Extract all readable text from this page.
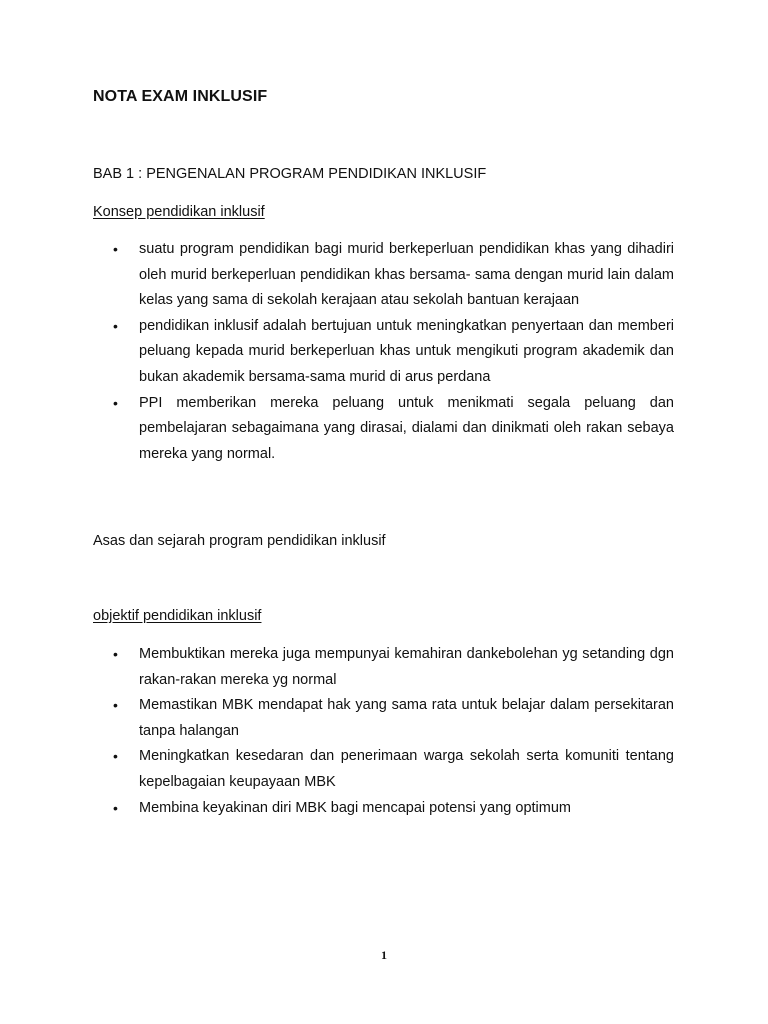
NOTA EXAM INKLUSIF
BAB 1 : PENGENALAN PROGRAM PENDIDIKAN INKLUSIF
Konsep pendidikan inklusif
• suatu program pendidikan bagi murid berkeperluan pendidikan khas yang dihadiri oleh murid berkeperluan pendidikan khas bersama- sama dengan murid lain dalam kelas yang sama di sekolah kerajaan atau sekolah bantuan kerajaan
• pendidikan inklusif adalah bertujuan untuk meningkatkan penyertaan dan memberi peluang kepada murid berkeperluan khas untuk mengikuti program akademik dan bukan akademik bersama-sama murid di arus perdana
• PPI memberikan mereka peluang untuk menikmati segala peluang dan pembelajaran sebagaimana yang dirasai, dialami dan dinikmati oleh rakan sebaya mereka yang normal.
Asas dan sejarah program pendidikan inklusif
objektif pendidikan inklusif
• Membuktikan mereka juga mempunyai kemahiran dankebolehan yg setanding dgn rakan-rakan mereka yg normal
• Memastikan MBK mendapat hak yang sama rata untuk belajar dalam persekitaran tanpa halangan
• Meningkatkan kesedaran dan penerimaan warga sekolah serta komuniti tentang kepelbagaian keupayaan MBK
• Membina keyakinan diri MBK bagi mencapai potensi yang optimum
1
